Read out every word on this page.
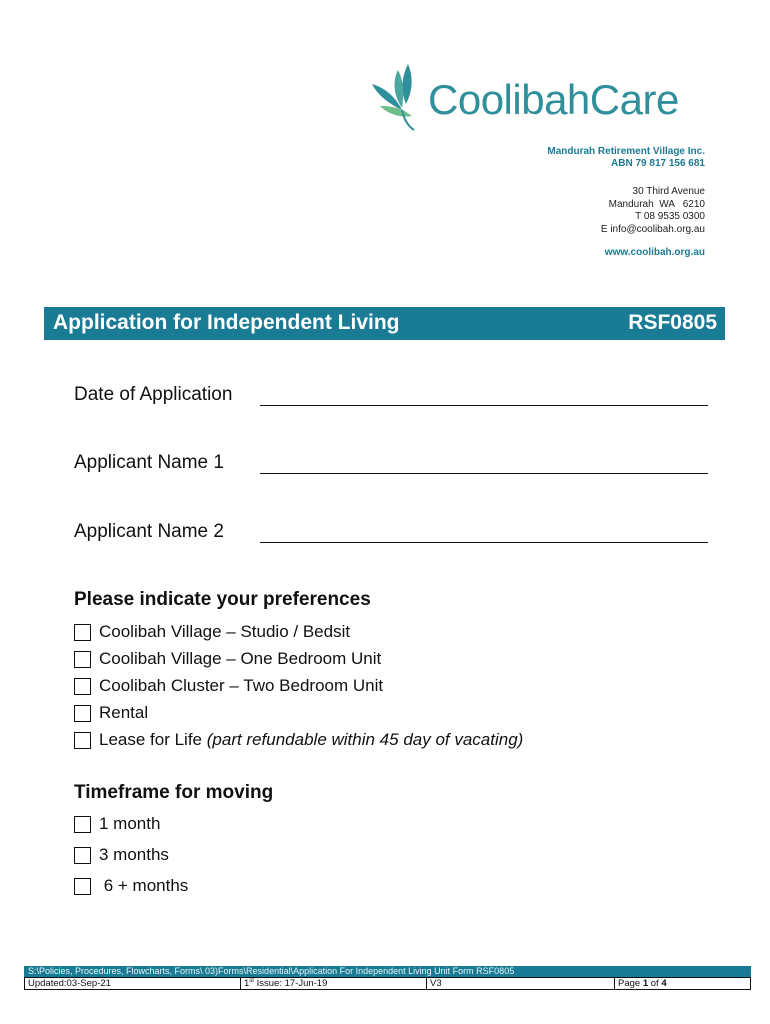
CoolibahCare
Mandurah Retirement Village Inc.
ABN 79 817 156 681
30 Third Avenue
Mandurah  WA   6210
T 08 9535 0300
E info@coolibah.org.au
www.coolibah.org.au
Application for Independent Living	RSF0805
Date of Application
Applicant Name 1
Applicant Name 2
Please indicate your preferences
Coolibah Village – Studio / Bedsit
Coolibah Village – One Bedroom Unit
Coolibah Cluster – Two Bedroom Unit
Rental
Lease for Life
(part refundable within 45 day of vacating)
Timeframe for moving
1 month
3 months
6 + months
S:\Policies, Procedures, Flowcharts, Forms\ 03)Forms\Residential\Application For Independent Living Unit Form RSF0805
Updated:03-Sep-21	1st Issue: 17-Jun-19	V3	Page 1 of 4
